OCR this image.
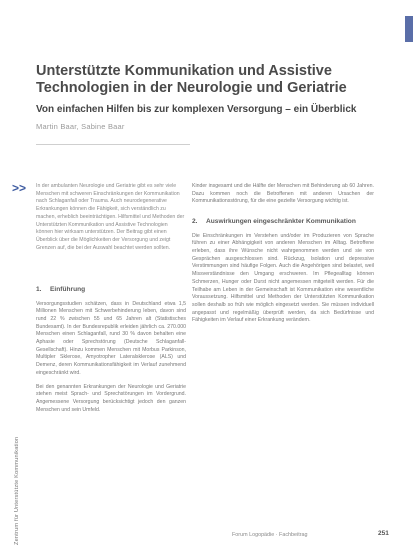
Unterstützte Kommunikation und Assistive Technologien in der Neurologie und Geriatrie
Von einfachen Hilfen bis zur komplexen Versorgung – ein Überblick
Martin Baar, Sabine Baar
>> In der ambulanten Neurologie und Geriatrie gibt es sehr viele Menschen mit schweren Einschränkungen der Kommunikation nach Schlaganfall oder Trauma. Auch neurodegenerative Erkrankungen können die Fähigkeit, sich verständlich zu machen, erheblich beeinträchtigen. Hilfsmittel und Methoden der Unterstützten Kommunikation und Assistive Technologien können hier wirksam unterstützen. Der Beitrag gibt einen Überblick über die Möglichkeiten der Versorgung und zeigt Grenzen auf, die bei der Auswahl beachtet werden sollten.

1. Einführung

Versorgungsstudien schätzen, dass in Deutschland etwa 1,5 Millionen Menschen mit Schwerbehinderung leben, davon sind rund 22 % zwischen 55 und 65 Jahren alt (Statistisches Bundesamt). In der Bundesrepublik erleiden jährlich ca. 270.000 Menschen einen Schlaganfall, rund 30 % davon behalten eine Aphasie oder Sprechstörung (Deutsche Schlaganfall-Gesellschaft). Hinzu kommen Menschen mit Morbus Parkinson, Multipler Sklerose, Amyotropher Lateralsklerose (ALS) und Demenz, deren Kommunikationsfähigkeit im Verlauf zunehmend eingeschränkt wird.

Bei den genannten Erkrankungen der Neurologie und Geriatrie stehen meist Sprach- und Sprechstörungen im Vordergrund. Angemessene Versorgung berücksichtigt jedoch den ganzen Menschen und sein Umfeld.

Kinder insgesamt und die Hälfte der Menschen mit Behinderung ab 60 Jahren. Dazu kommen noch die Betroffenen mit anderen Ursachen der Kommunikationsstörung, für die eine gezielte Versorgung wichtig ist.

2. Auswirkungen eingeschränkter Kommunikation

Die Einschränkungen im Verstehen und/oder im Produzieren von Sprache führen zu einer Abhängigkeit von anderen Menschen im Alltag. Betroffene erleben, dass ihre Wünsche nicht wahrgenommen werden und sie von Gesprächen ausgeschlossen sind. Rückzug, Isolation und depressive Verstimmungen sind häufige Folgen. Auch die Angehörigen sind belastet, weil Missverständnisse den Umgang erschweren. Im Pflegealltag können Schmerzen, Hunger oder Durst nicht angemessen mitgeteilt werden. Für die Teilhabe am Leben in der Gemeinschaft ist Kommunikation eine wesentliche Voraussetzung. Hilfsmittel und Methoden der Unterstützten Kommunikation sollen deshalb so früh wie möglich eingesetzt werden. Sie müssen individuell angepasst und regelmäßig überprüft werden, da sich Bedürfnisse und Fähigkeiten im Verlauf einer Erkrankung verändern.

Zentrum für Unterstützte Kommunikation	Forum Logopädie · Fachbeitrag	251
